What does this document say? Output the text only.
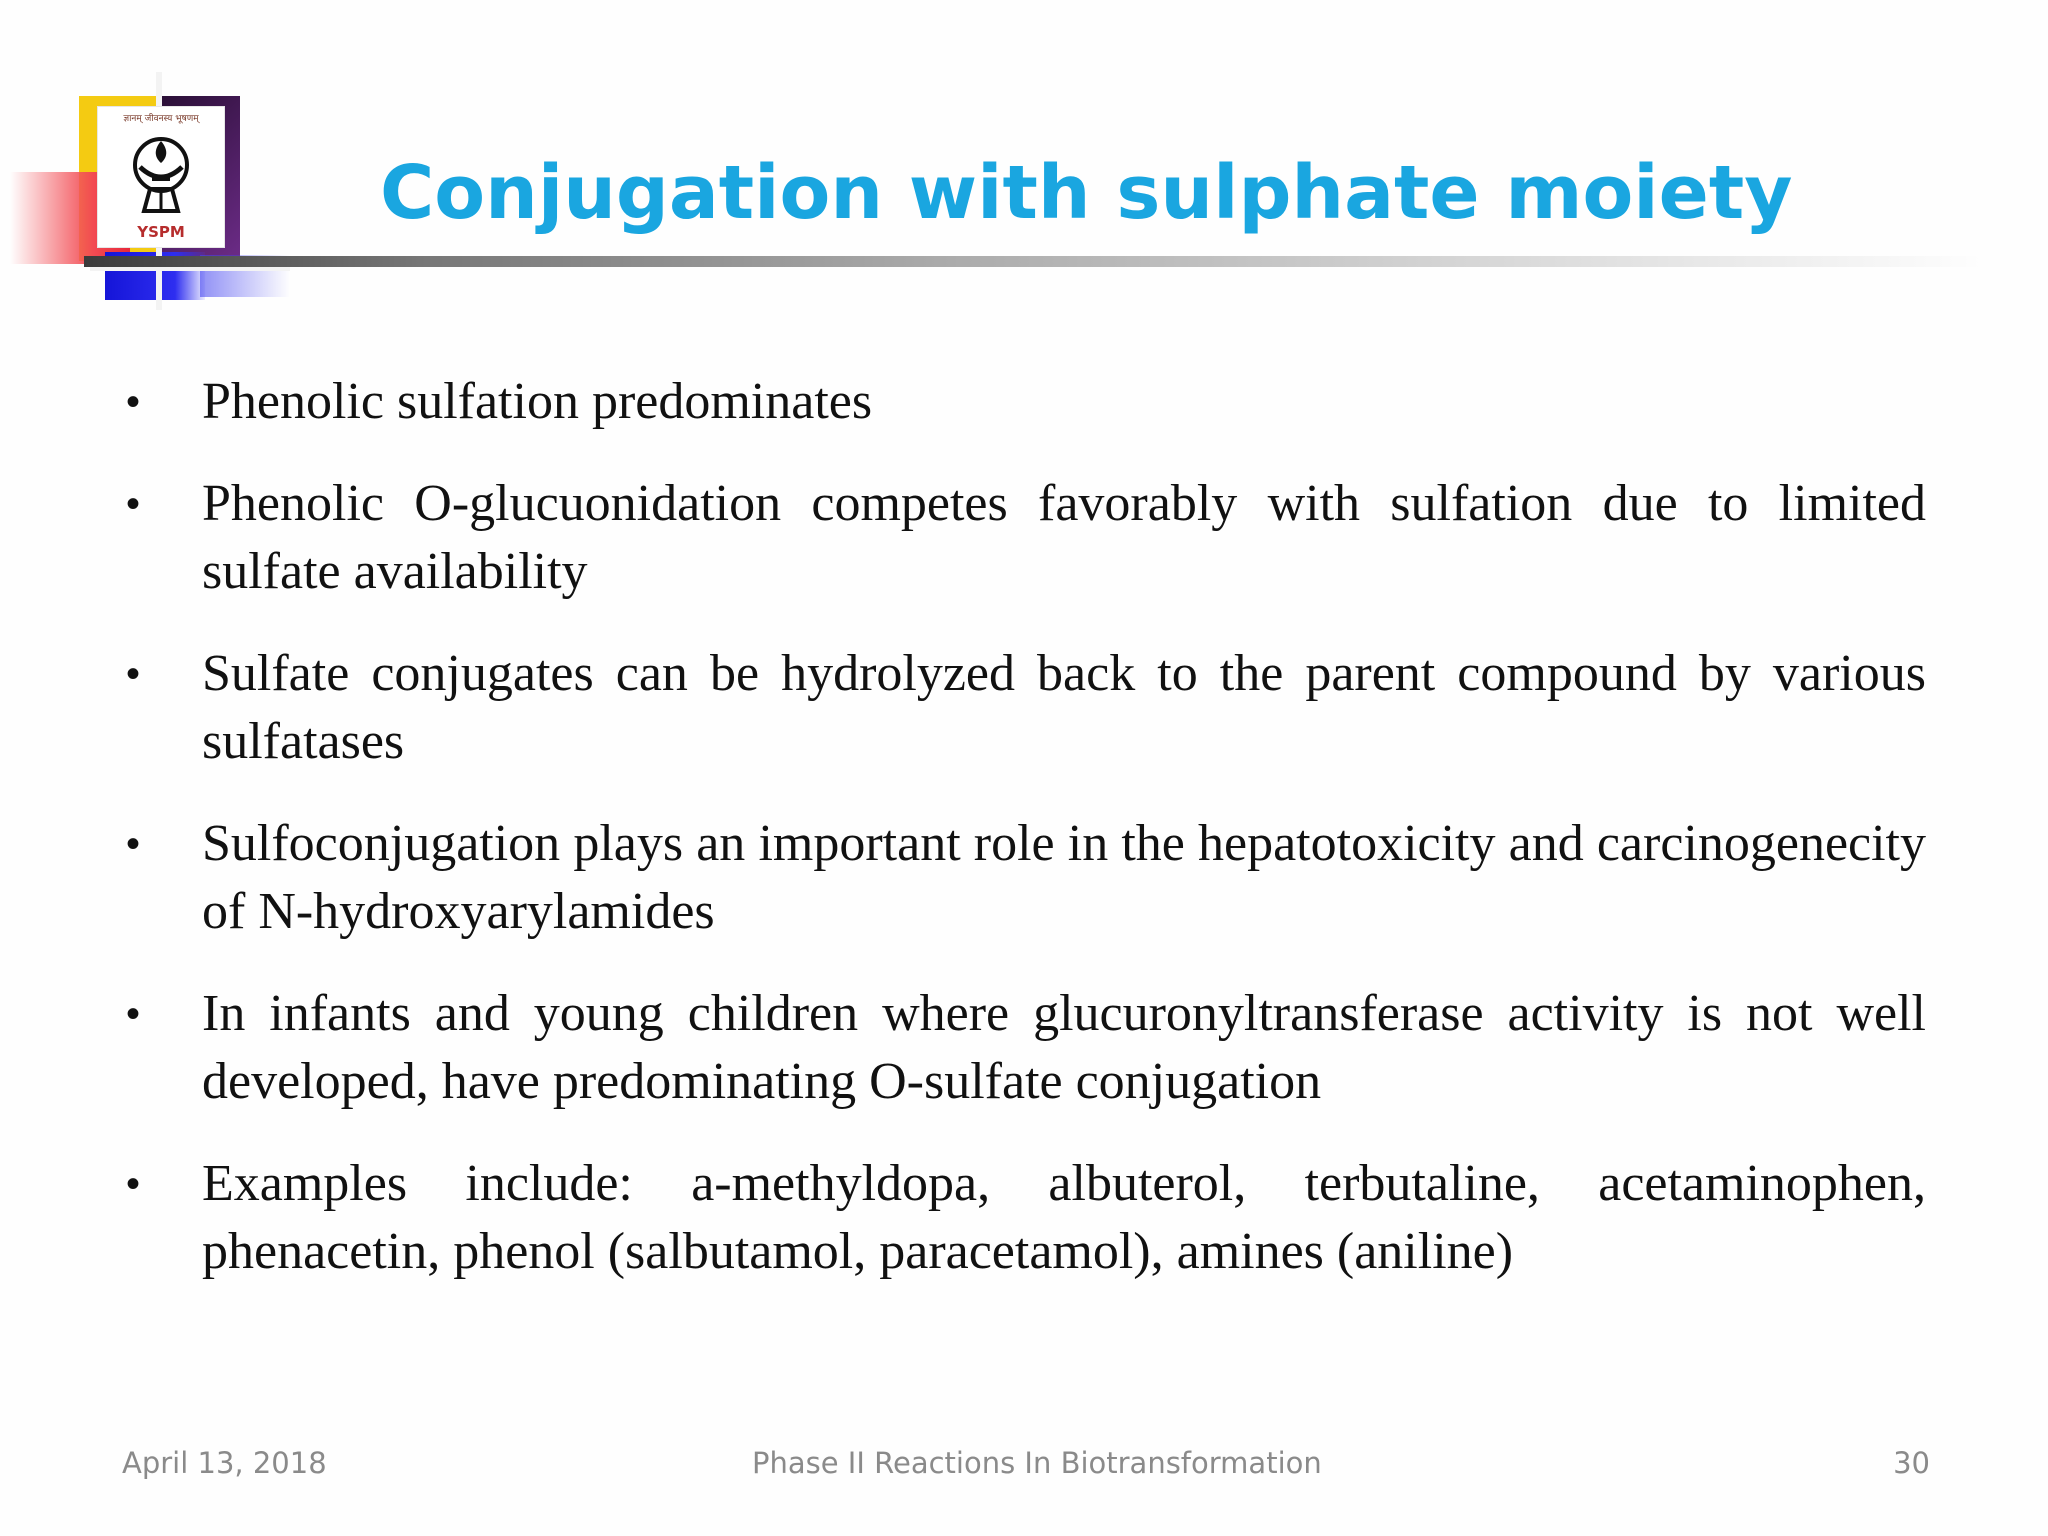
ज्ञानम् जीवनस्य भूषणम्
YSPM	Conjugation with sulphate moiety
• Phenolic sulfation predominates
• Phenolic O-glucuonidation competes favorably with sulfation due to limited sulfate availability
• Sulfate conjugates can be hydrolyzed back to the parent compound by various sulfatases
• Sulfoconjugation plays an important role in the hepatotoxicity and carcinogenecity of N-hydroxyarylamides
• In infants and young children where glucuronyltransferase activity is not well developed, have predominating O-sulfate conjugation
• Examples include: a-methyldopa, albuterol, terbutaline, acetaminophen, phenacetin, phenol (salbutamol, paracetamol), amines (aniline)
April 13, 2018	Phase II Reactions In Biotransformation	30
